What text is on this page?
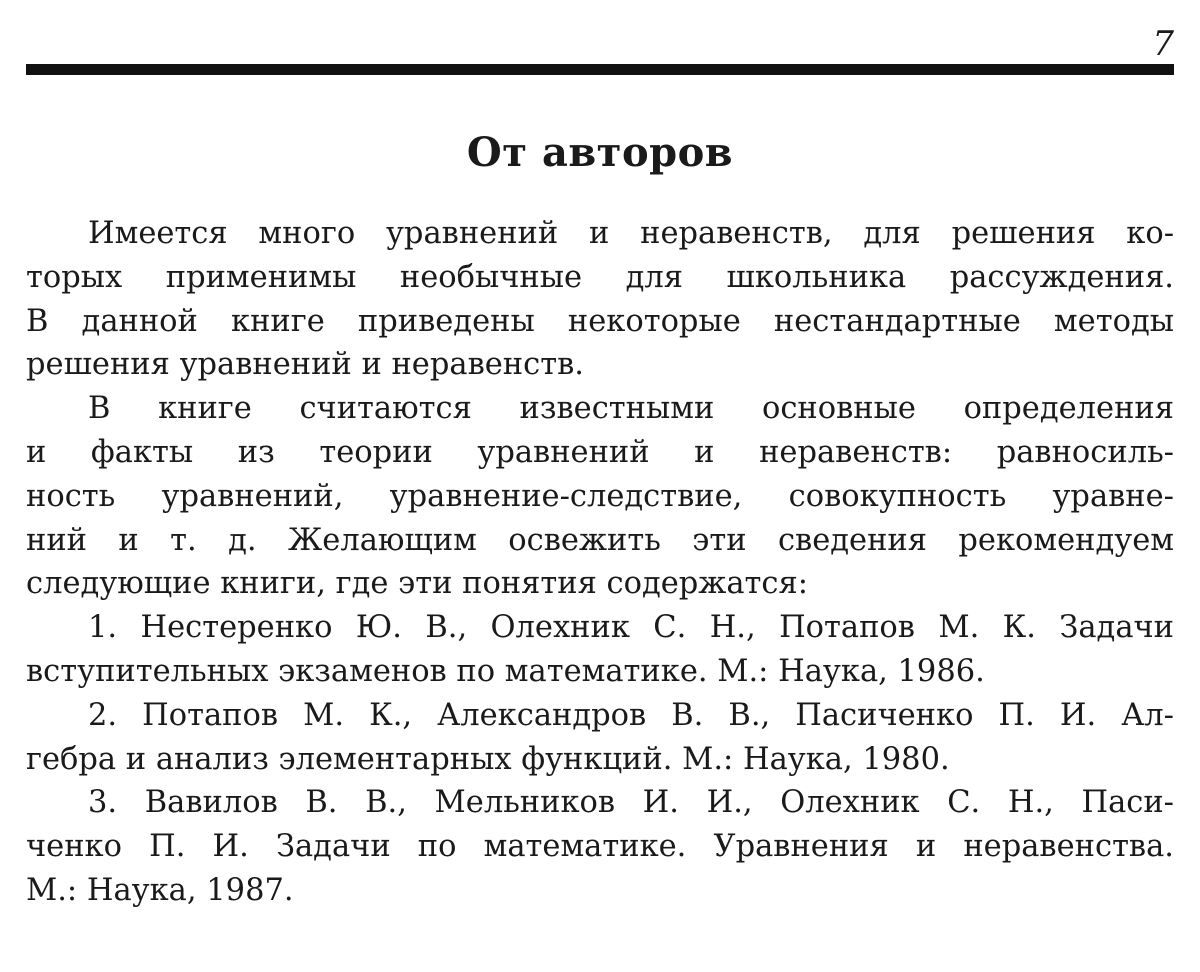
7
От авторов
Имеется много уравнений и неравенств, для решения ко-
торых применимы необычные для школьника рассуждения.
В данной книге приведены некоторые нестандартные методы
решения уравнений и неравенств.
В книге считаются известными основные определения
и факты из теории уравнений и неравенств: равносиль-
ность уравнений, уравнение-следствие, совокупность уравне-
ний и т. д. Желающим освежить эти сведения рекомендуем
следующие книги, где эти понятия содержатся:
1. Нестеренко Ю. В., Олехник С. Н., Потапов М. К. Задачи
вступительных экзаменов по математике. М.: Наука, 1986.
2. Потапов М. К., Александров В. В., Пасиченко П. И. Ал-
гебра и анализ элементарных функций. М.: Наука, 1980.
3. Вавилов В. В., Мельников И. И., Олехник С. Н., Паси-
ченко П. И. Задачи по математике. Уравнения и неравенства.
М.: Наука, 1987.
